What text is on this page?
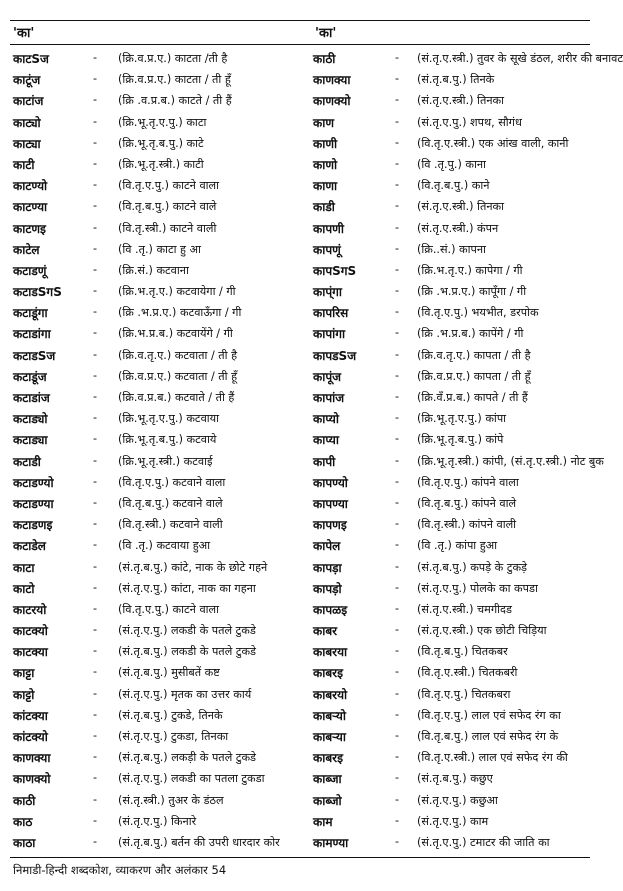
'का'	'का'
काटSज	- (क्रि.व.प्र.ए.) काटता /ती है	काठी	- (सं.तृ.ए.स्त्री.) तुवर के सूखे डंठल, शरीर की बनावट
काटूंज	- (क्रि.व.प्र.ए.) काटता / ती हूँ	काणक्या	- (सं.तृ.ब.पु.) तिनके
काटांज	- (क्रि .व.प्र.ब.) काटते / ती हैं	काणक्यो	- (सं.तृ.ए.स्त्री.) तिनका
काट्यो	- (क्रि.भू.तृ.ए.पु.) काटा	काण	- (सं.तृ.ए.पु.) शपथ, सौगंध
काट्या	- (क्रि.भू.तृ.ब.पु.) काटे	काणी	- (वि.तृ.ए.स्त्री.) एक आंख वाली, कानी
काटी	- (क्रि.भू.तृ.स्त्री.) काटी	काणो	- (वि .तृ.पु.) काना
काटण्यो	- (वि.तृ.ए.पु.) काटने वाला	काणा	- (वि.तृ.ब.पु.) काने
काटण्या	- (वि.तृ.ब.पु.) काटने वाले	काडी	- (सं.तृ.ए.स्त्री.) तिनका
काटणइ	- (वि.तृ.स्त्री.) काटने वाली	कापणी	- (सं.तृ.ए.स्त्री.) कंपन
काटेल	- (वि .तृ.) काटा हु आ	कापणूं	- (क्रि..सं.) कापना
कटाडणूं	- (क्रि.सं.) कटवाना	कापSगS	- (क्रि.भ.तृ.ए.) कापेगा / गी
कटाडSगS	- (क्रि.भ.तृ.ए.) कटवायेगा / गी	काप्ंगा	- (क्रि .भ.प्र.ए.) कापूँगा / गी
कटाडूंगा	- (क्रि .भ.प्र.ए.) कटवाऊँगा / गी	कापरिस	- (वि.तृ.ए.पु.) भयभीत, डरपोक
कटाडांगा	- (क्रि.भ.प्र.ब.) कटवायेंगे / गी	कापांगा	- (क्रि .भ.प्र.ब.) कापेंगे / गी
कटाडSज	- (क्रि.व.तृ.ए.) कटवाता / ती है	कापडSज	- (क्रि.व.तृ.ए.) कापता / ती है
कटाडूंज	- (क्रि.व.प्र.ए.) कटवाता / ती हूँ	कापूंज	- (क्रि.व.प्र.ए.) कापता / ती हूँ
कटाडांज	- (क्रि.व.प्र.ब.) कटवाते / ती हैं	कापांज	- (क्रि.वँ.प्र.ब.) कापते / ती हैं
कटाड्यो	- (क्रि.भू.तृ.ए.पु.) कटवाया	काप्यो	- (क्रि.भू.तृ.ए.पु.) कांपा
कटाड्या	- (क्रि.भू.तृ.ब.पु.) कटवाये	काप्या	- (क्रि.भू.तृ.ब.पु.) कांपे
कटाडी	- (क्रि.भू.तृ.स्त्री.) कटवाई	कापी	- (क्रि.भू.तृ.स्त्री.) कांपी, (सं.तृ.ए.स्त्री.) नोट बुक
कटाडण्यो	- (वि.तृ.ए.पु.) कटवाने वाला	कापण्यो	- (वि.तृ.ए.पु.) कांपने वाला
कटाडण्या	- (वि.तृ.ब.पु.) कटवाने वाले	कापण्या	- (वि.तृ.ब.पु.) कांपने वाले
कटाडणइ	- (वि.तृ.स्त्री.) कटवाने वाली	कापणइ	- (वि.तृ.स्त्री.) कांपने वाली
कटाडेल	- (वि .तृ.) कटवाया हुआ	कापेल	- (वि .तृ.) कांपा हुआ
काटा	- (सं.तृ.ब.पु.) कांटे, नाक के छोटे गहने	कापड़ा	- (सं.तृ.ब.पु.) कपड़े के टुकड़े
काटो	- (सं.तृ.ए.पु.) कांटा, नाक का गहना	कापड़ो	- (सं.तृ.ए.पु.) पोलके का कपडा
काटरयो	- (वि.तृ.ए.पु.) काटने वाला	कापळइ	- (सं.तृ.ए.स्त्री.) चमगीदड
काटक्यो	- (सं.तृ.ए.पु.) लकडी के पतले टुकडे	काबर	- (सं.तृ.ए.स्त्री.) एक छोटी चिड़िया
काटक्या	- (सं.तृ.ब.पु.) लकडी के पतले टुकडे	काबरया	- (वि.तृ.ब.पु.) चितकबर
काट्टा	- (सं.तृ.ब.पु.) मुसीबतें कष्ट	काबरइ	- (वि.तृ.ए.स्त्री.) चितकबरी
काट्टो	- (सं.तृ.ए.पु.) मृतक का उत्तर कार्य	काबरयो	- (वि.तृ.ए.पु.) चितकबरा
कांटक्या	- (सं.तृ.ब.पु.) टुकडे, तिनके	काबर्‍यो	- (वि.तृ.ए.पु.) लाल एवं सफेद रंग का
कांटक्यो	- (सं.तृ.ए.पु.) टुकडा, तिनका	काबर्‍या	- (वि.तृ.ब.पु.) लाल एवं सफेद रंग के
काणक्या	- (सं.तृ.ब.पु.) लकड़ी के पतले टुकडे	काबरइ	- (वि.तृ.ए.स्त्री.) लाल एवं सफेद रंग की
काणक्यो	- (सं.तृ.ए.पु.) लकडी का पतला टुकडा	काब्जा	- (सं.तृ.ब.पु.) कछुए
काठी	- (सं.तृ.स्त्री.) तुअर के डंठल	काब्जो	- (सं.तृ.ए.पु.) कछुआ
काठ	- (सं.तृ.ए.पु.) किनारे	काम	- (सं.तृ.ए.पु.) काम
काठा	- (सं.तृ.ब.पु.) बर्तन की उपरी धारदार कोर	कामण्या	- (सं.तृ.ए.पु.) टमाटर की जाति का
निमाडी-हिन्दी शब्दकोश, व्याकरण और अलंकार 54
